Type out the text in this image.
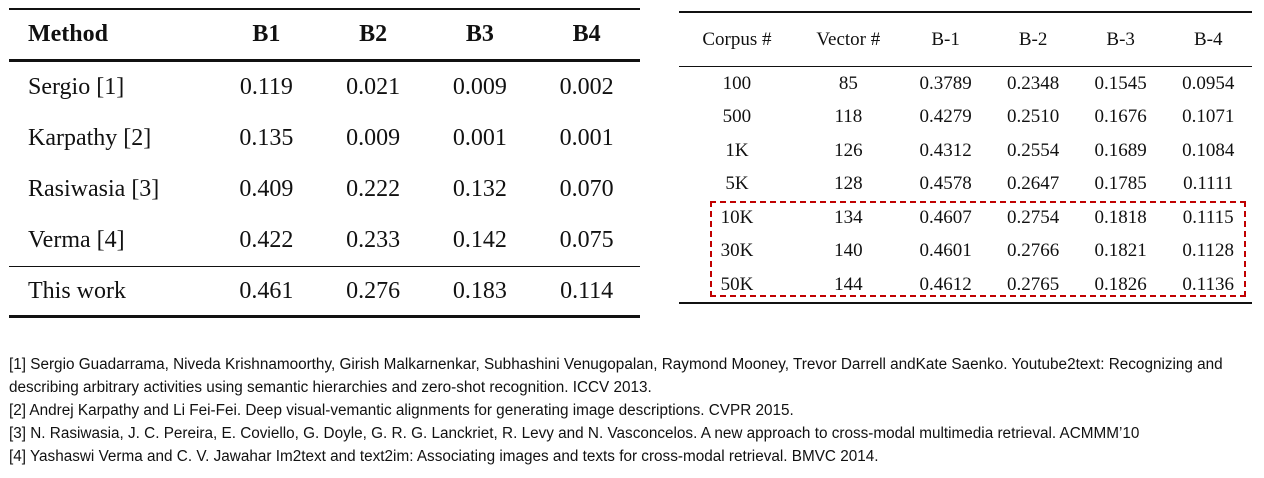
Method	B1	B2	B3	B4
Sergio [1]	0.119	0.021	0.009	0.002
Karpathy [2]	0.135	0.009	0.001	0.001
Rasiwasia [3]	0.409	0.222	0.132	0.070
Verma [4]	0.422	0.233	0.142	0.075
This work	0.461	0.276	0.183	0.114
Corpus #	Vector #	B-1	B-2	B-3	B-4
100	85	0.3789	0.2348	0.1545	0.0954
500	118	0.4279	0.2510	0.1676	0.1071
1K	126	0.4312	0.2554	0.1689	0.1084
5K	128	0.4578	0.2647	0.1785	0.1111
10K	134	0.4607	0.2754	0.1818	0.1115
30K	140	0.4601	0.2766	0.1821	0.1128
50K	144	0.4612	0.2765	0.1826	0.1136

[1] Sergio Guadarrama, Niveda Krishnamoorthy, Girish Malkarnenkar, Subhashini Venugopalan, Raymond Mooney, Trevor Darrell andKate Saenko. Youtube2text: Recognizing and describing arbitrary activities using semantic hierarchies and zero-shot recognition. ICCV 2013.

[2] Andrej Karpathy and Li Fei-Fei. Deep visual-vemantic alignments for generating image descriptions. CVPR 2015.

[3] N. Rasiwasia, J. C. Pereira, E. Coviello, G. Doyle, G. R. G. Lanckriet, R. Levy and N. Vasconcelos. A new approach to cross-modal multimedia retrieval. ACMMM’10

[4] Yashaswi Verma and C. V. Jawahar Im2text and text2im: Associating images and texts for cross-modal retrieval. BMVC 2014.
